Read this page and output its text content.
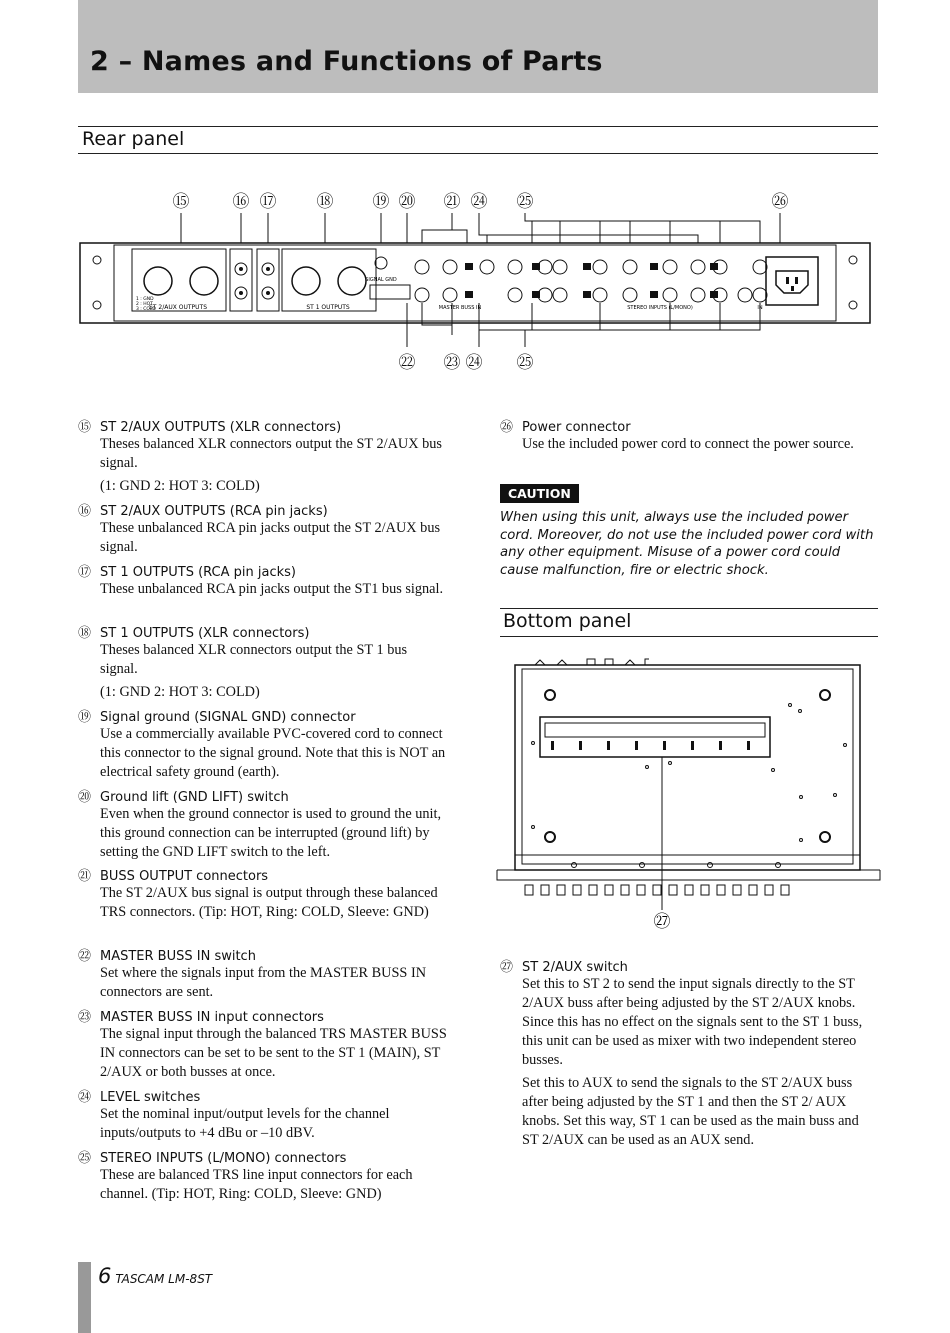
2 – Names and Functions of Parts
Rear panel
⑮	⑯ ⑰ ⑱ ⑲ ⑳ ㉑ ㉔ ㉕	㉖
ST 2/AUX OUTPUTS	ST 1 OUTPUTS
SIGNAL GND
MASTER BUSS IN	STEREO INPUTS (L/MONO)	IN
1 : GND
2 : HOT
3 : COLD
㉒ ㉓ ㉔ ㉕
⑮ ST 2/AUX OUTPUTS (XLR connectors)
Theses balanced XLR connectors output the ST 2/AUX bus signal.
(1: GND 2: HOT 3: COLD)
⑯ ST 2/AUX OUTPUTS (RCA pin jacks)
These unbalanced RCA pin jacks output the ST 2/AUX bus signal.
⑰ ST 1 OUTPUTS (RCA pin jacks)
These unbalanced RCA pin jacks output the ST1 bus signal.
⑱ ST 1 OUTPUTS (XLR connectors)
Theses balanced XLR connectors output the ST 1 bus signal.
(1: GND 2: HOT 3: COLD)
⑲ Signal ground (SIGNAL GND) connector
Use a commercially available PVC-covered cord to connect this connector to the signal ground. Note that this is NOT an electrical safety ground (earth).
⑳ Ground lift (GND LIFT) switch
Even when the ground connector is used to ground the unit, this ground connection can be interrupted (ground lift) by setting the GND LIFT switch to the left.
㉑ BUSS OUTPUT connectors
The ST 2/AUX bus signal is output through these balanced TRS connectors. (Tip: HOT, Ring: COLD, Sleeve: GND)
㉒ MASTER BUSS IN switch
Set where the signals input from the MASTER BUSS IN connectors are sent.
㉓ MASTER BUSS IN input connectors
The signal input through the balanced TRS MASTER BUSS IN connectors can be set to be sent to the ST 1 (MAIN), ST 2/AUX or both busses at once.
㉔ LEVEL switches
Set the nominal input/output levels for the channel inputs/outputs to +4 dBu or –10 dBV.
㉕ STEREO INPUTS (L/MONO) connectors
These are balanced TRS line input connectors for each channel. (Tip: HOT, Ring: COLD, Sleeve: GND)
㉖ Power connector
Use the included power cord to connect the power source.
CAUTION
When using this unit, always use the included power cord. Moreover, do not use the included power cord with any other equipment. Misuse of a power cord could cause malfunction, fire or electric shock.
Bottom panel
㉗
㉗ ST 2/AUX switch
Set this to ST 2 to send the input signals directly to the ST 2/AUX buss after being adjusted by the ST 2/AUX knobs. Since this has no effect on the signals sent to the ST 1 buss, this unit can be used as mixer with two independent stereo busses.
Set this to AUX to send the signals to the ST 2/AUX buss after being adjusted by the ST 1 and then the ST 2/ AUX knobs. Set this way, ST 1 can be used as the main buss and ST 2/AUX can be used as an AUX send.
6 TASCAM LM-8ST
